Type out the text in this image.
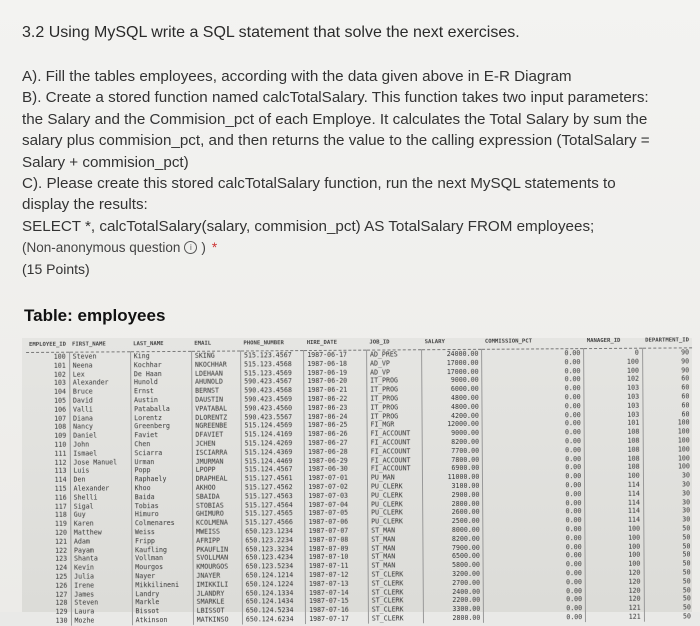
3.2 Using MySQL write a SQL statement that solve the next exercises.
A). Fill the tables employees, according with the data given above in E-R Diagram
B). Create a stored function named calcTotalSalary. This function takes two input parameters:
the Salary and the Commision_pct of each Employe. It calculates the Total Salary by sum the
salary plus commision_pct, and then returns the value to the calling expression (TotalSalary =
Salary + commision_pct)
C). Please create this stored calcTotalSalary function, run the next MySQL statements to
display the results:
SELECT *, calcTotalSalary(salary, commision_pct) AS TotalSalary FROM employees;
(Non-anonymous question	i ) *
(15 Points)
Table: employees
EMPLOYEE_ID	FIRST_NAME	LAST_NAME	EMAIL	PHONE_NUMBER	HIRE_DATE	JOB_ID	SALARY	COMMISSION_PCT	MANAGER_ID	DEPARTMENT_ID
100	Steven	King	SKING	515.123.4567	1987-06-17	AD_PRES	24000.00	0.00	0	90
101	Neena	Kochhar	NKOCHHAR	515.123.4568	1987-06-18	AD_VP	17000.00	0.00	100	90
102	Lex	De Haan	LDEHAAN	515.123.4569	1987-06-19	AD_VP	17000.00	0.00	100	90
103	Alexander	Hunold	AHUNOLD	590.423.4567	1987-06-20	IT_PROG	9000.00	0.00	102	60
104	Bruce	Ernst	BERNST	590.423.4568	1987-06-21	IT_PROG	6000.00	0.00	103	60
105	David	Austin	DAUSTIN	590.423.4569	1987-06-22	IT_PROG	4800.00	0.00	103	60
106	Valli	Pataballa	VPATABAL	590.423.4560	1987-06-23	IT_PROG	4800.00	0.00	103	60
107	Diana	Lorentz	DLORENTZ	590.423.5567	1987-06-24	IT_PROG	4200.00	0.00	103	60
108	Nancy	Greenberg	NGREENBE	515.124.4569	1987-06-25	FI_MGR	12000.00	0.00	101	100
109	Daniel	Faviet	DFAVIET	515.124.4169	1987-06-26	FI_ACCOUNT	9000.00	0.00	108	100
110	John	Chen	JCHEN	515.124.4269	1987-06-27	FI_ACCOUNT	8200.00	0.00	108	100
111	Ismael	Sciarra	ISCIARRA	515.124.4369	1987-06-28	FI_ACCOUNT	7700.00	0.00	108	100
112	Jose Manuel	Urman	JMURMAN	515.124.4469	1987-06-29	FI_ACCOUNT	7800.00	0.00	108	100
113	Luis	Popp	LPOPP	515.124.4567	1987-06-30	FI_ACCOUNT	6900.00	0.00	108	100
114	Den	Raphaely	DRAPHEAL	515.127.4561	1987-07-01	PU_MAN	11000.00	0.00	100	30
115	Alexander	Khoo	AKHOO	515.127.4562	1987-07-02	PU_CLERK	3100.00	0.00	114	30
116	Shelli	Baida	SBAIDA	515.127.4563	1987-07-03	PU_CLERK	2900.00	0.00	114	30
117	Sigal	Tobias	STOBIAS	515.127.4564	1987-07-04	PU_CLERK	2800.00	0.00	114	30
118	Guy	Himuro	GHIMURO	515.127.4565	1987-07-05	PU_CLERK	2600.00	0.00	114	30
119	Karen	Colmenares	KCOLMENA	515.127.4566	1987-07-06	PU_CLERK	2500.00	0.00	114	30
120	Matthew	Weiss	MWEISS	650.123.1234	1987-07-07	ST_MAN	8000.00	0.00	100	50
121	Adam	Fripp	AFRIPP	650.123.2234	1987-07-08	ST_MAN	8200.00	0.00	100	50
122	Payam	Kaufling	PKAUFLIN	650.123.3234	1987-07-09	ST_MAN	7900.00	0.00	100	50
123	Shanta	Vollman	SVOLLMAN	650.123.4234	1987-07-10	ST_MAN	6500.00	0.00	100	50
124	Kevin	Mourgos	KMOURGOS	650.123.5234	1987-07-11	ST_MAN	5800.00	0.00	100	50
125	Julia	Nayer	JNAYER	650.124.1214	1987-07-12	ST_CLERK	3200.00	0.00	120	50
126	Irene	Mikkilineni	IMIKKILI	650.124.1224	1987-07-13	ST_CLERK	2700.00	0.00	120	50
127	James	Landry	JLANDRY	650.124.1334	1987-07-14	ST_CLERK	2400.00	0.00	120	50
128	Steven	Markle	SMARKLE	650.124.1434	1987-07-15	ST_CLERK	2200.00	0.00	120	50
129	Laura	Bissot	LBISSOT	650.124.5234	1987-07-16	ST_CLERK	3300.00	0.00	121	50
130	Mozhe	Atkinson	MATKINSO	650.124.6234	1987-07-17	ST_CLERK	2800.00	0.00	121	50
